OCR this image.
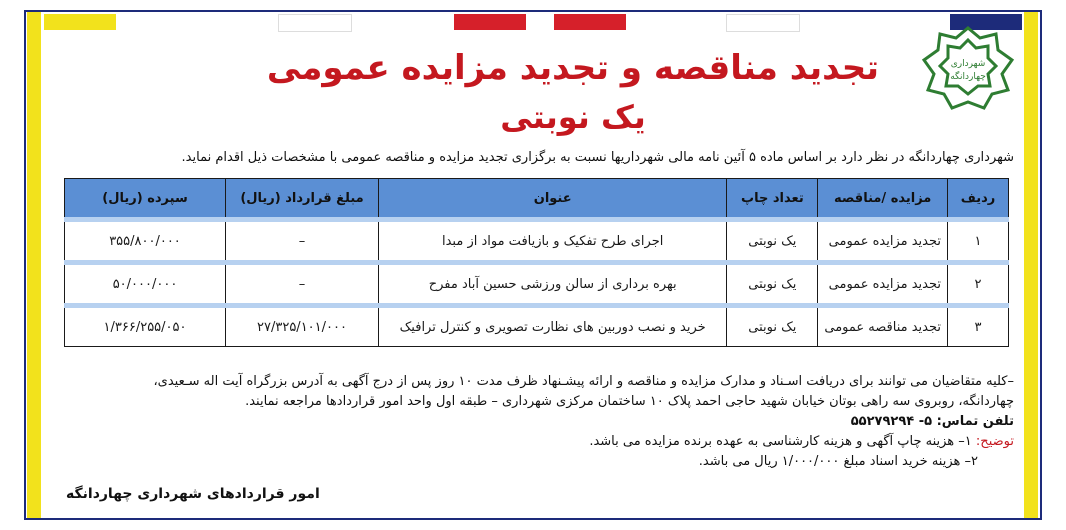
شهرداری
چهاردانگه
تجدید مناقصه و تجدید مزایده عمومی
یک نوبتی
شهرداری چهاردانگه در نظر دارد بر اساس ماده ۵ آئین نامه مالی شهرداریها نسبت به برگزاری تجدید مزایده و مناقصه عمومی با مشخصات ذیل اقدام نماید.
ردیف	مزایده /مناقصه	تعداد چاپ	عنوان	مبلغ قرارداد (ریال)	سپرده (ریال)
۱	تجدید مزایده عمومی	یک نوبتی	اجرای طرح تفکیک و بازیافت مواد از مبدا	–	۳۵۵/۸۰۰/۰۰۰
۲	تجدید مزایده عمومی	یک نوبتی	بهره برداری از سالن ورزشی حسین آباد مفرح	–	۵۰/۰۰۰/۰۰۰
۳	تجدید مناقصه عمومی	یک نوبتی	خرید و نصب دوربین های نظارت تصویری و کنترل ترافیک	۲۷/۳۲۵/۱۰۱/۰۰۰	۱/۳۶۶/۲۵۵/۰۵۰
–کلیه متقاضیان می توانند برای دریافت اسـناد و مدارک مزایده و مناقصه و ارائه پیشـنهاد ظرف مدت ۱۰ روز پس از درج آگهی به آدرس بزرگراه آیت اله سـعیدی،
چهاردانگه، روبروی سه راهی بوتان خیابان شهید حاجی احمد پلاک ۱۰ ساختمان مرکزی شهرداری – طبقه اول واحد امور قراردادها مراجعه نمایند.
تلفن تماس: ۵- ۵۵۲۷۹۲۹۴
توضیح: ۱– هزینه چاپ آگهی و هزینه کارشناسی به عهده برنده مزایده می باشد.
۲– هزینه خرید اسناد مبلغ ۱/۰۰۰/۰۰۰ ریال می باشد.
امور قراردادهای شهرداری چهاردانگه
